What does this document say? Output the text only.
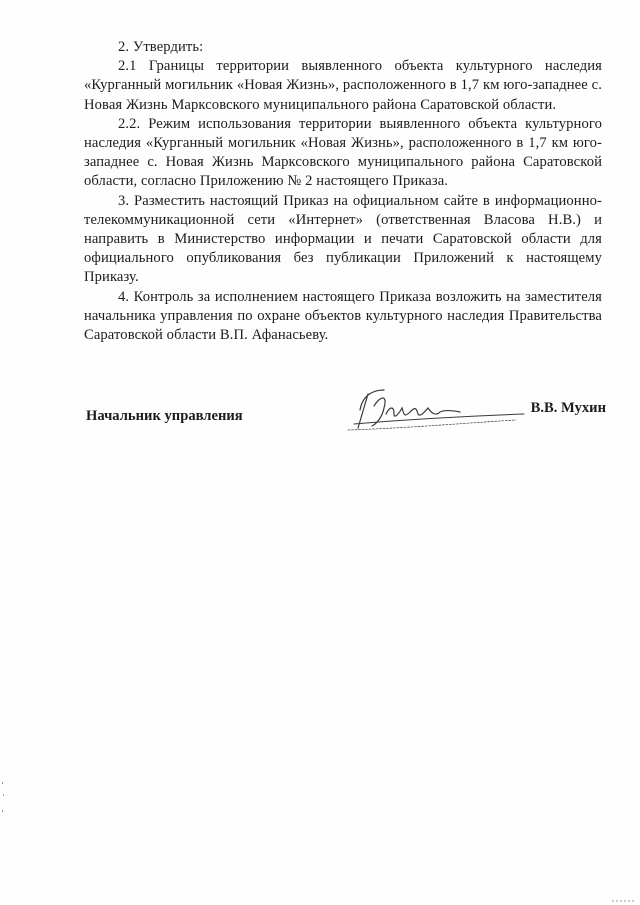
2. Утвердить:

2.1 Границы территории выявленного объекта культурного наследия «Курганный могильник «Новая Жизнь», расположенного в 1,7 км юго-западнее с. Новая Жизнь Марксовского муниципального района Саратовской области.

2.2. Режим использования территории выявленного объекта культурного наследия «Курганный могильник «Новая Жизнь», расположенного в 1,7 км юго-западнее с. Новая Жизнь Марксовского муниципального района Саратовской области, согласно Приложению № 2 настоящего Приказа.

3. Разместить настоящий Приказ на официальном сайте в информационно-телекоммуникационной сети «Интернет» (ответственная Власова Н.В.) и направить в Министерство информации и печати Саратовской области для официального опубликования без публикации Приложений к настоящему Приказу.

4. Контроль за исполнением настоящего Приказа возложить на заместителя начальника управления по охране объектов культурного наследия Правительства Саратовской области В.П. Афанасьеву.

Начальник управления	В.В. Мухин
